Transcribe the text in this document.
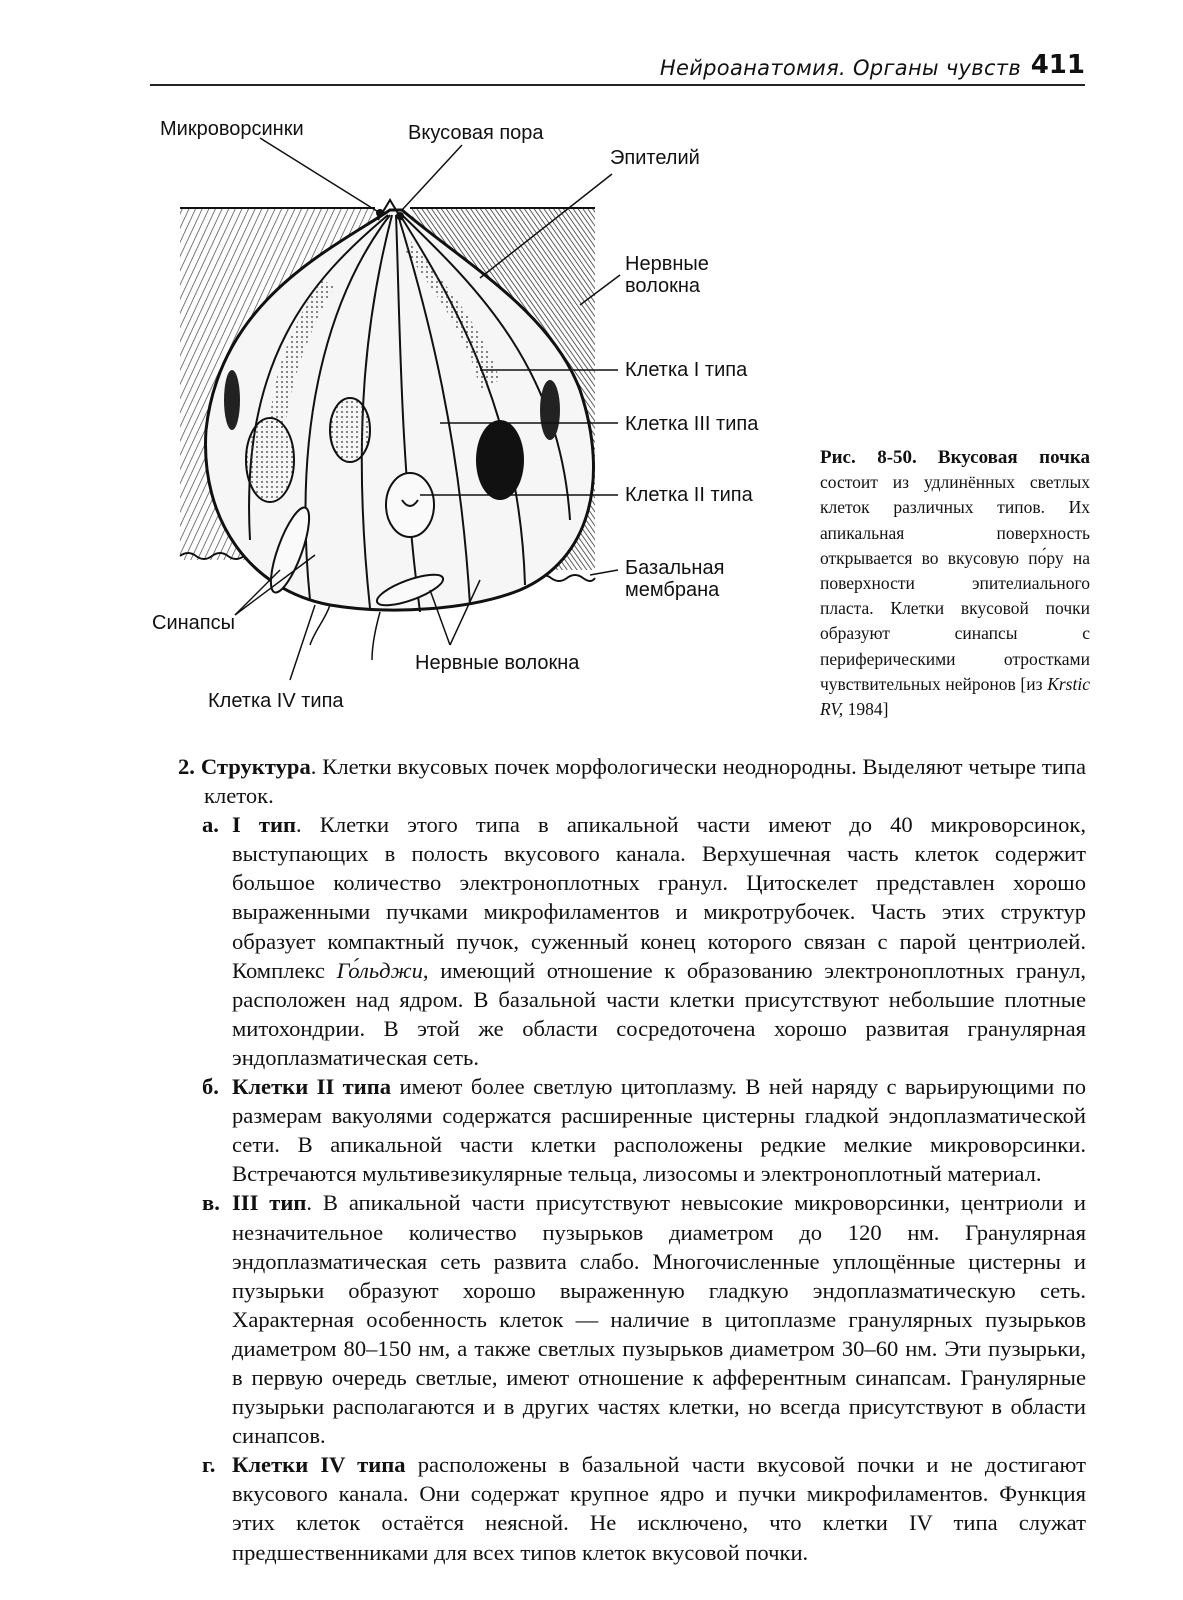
Нейроанатомия. Органы чувств 411
Микроворсинки	Вкусовая пора
Эпителий
Нервные
волокна
Клетка I типа
Клетка III типа
Клетка II типа
Базальная
мембрана
Синапсы
Нервные волокна
Клетка IV типа
Рис. 8-50. Вкусовая почка состоит из удлинённых светлых клеток различных типов. Их апикальная поверхность открывается во вкусовую по́ру на поверхности эпителиального пласта. Клетки вкусовой почки образуют синапсы с периферическими отростками чувствительных нейронов [из Krstic RV, 1984]
2. Структура. Клетки вкусовых почек морфологически неоднородны. Выделяют четыре типа клеток.
а. I тип. Клетки этого типа в апикальной части имеют до 40 микроворсинок, выступающих в полость вкусового канала. Верхушечная часть клеток содержит большое количество электроноплотных гранул. Цитоскелет представлен хорошо выраженными пучками микрофиламентов и микротрубочек. Часть этих структур образует компактный пучок, суженный конец которого связан с парой центриолей. Комплекс Го́льджи, имеющий отношение к образованию электроноплотных гранул, расположен над ядром. В базальной части клетки присутствуют небольшие плотные митохондрии. В этой же области сосредоточена хорошо развитая гранулярная эндоплазматическая сеть.
б. Клетки II типа имеют более светлую цитоплазму. В ней наряду с варьирующими по размерам вакуолями содержатся расширенные цистерны гладкой эндоплазматической сети. В апикальной части клетки расположены редкие мелкие микроворсинки. Встречаются мультивезикулярные тельца, лизосомы и электроноплотный материал.
в. III тип. В апикальной части присутствуют невысокие микроворсинки, центриоли и незначительное количество пузырьков диаметром до 120 нм. Гранулярная эндоплазматическая сеть развита слабо. Многочисленные уплощённые цистерны и пузырьки образуют хорошо выраженную гладкую эндоплазматическую сеть. Характерная особенность клеток — наличие в цитоплазме гранулярных пузырьков диаметром 80–150 нм, а также светлых пузырьков диаметром 30–60 нм. Эти пузырьки, в первую очередь светлые, имеют отношение к афферентным синапсам. Гранулярные пузырьки располагаются и в других частях клетки, но всегда присутствуют в области синапсов.
г. Клетки IV типа расположены в базальной части вкусовой почки и не достигают вкусового канала. Они содержат крупное ядро и пучки микрофиламентов. Функция этих клеток остаётся неясной. Не исключено, что клетки IV типа служат предшественниками для всех типов клеток вкусовой почки.
